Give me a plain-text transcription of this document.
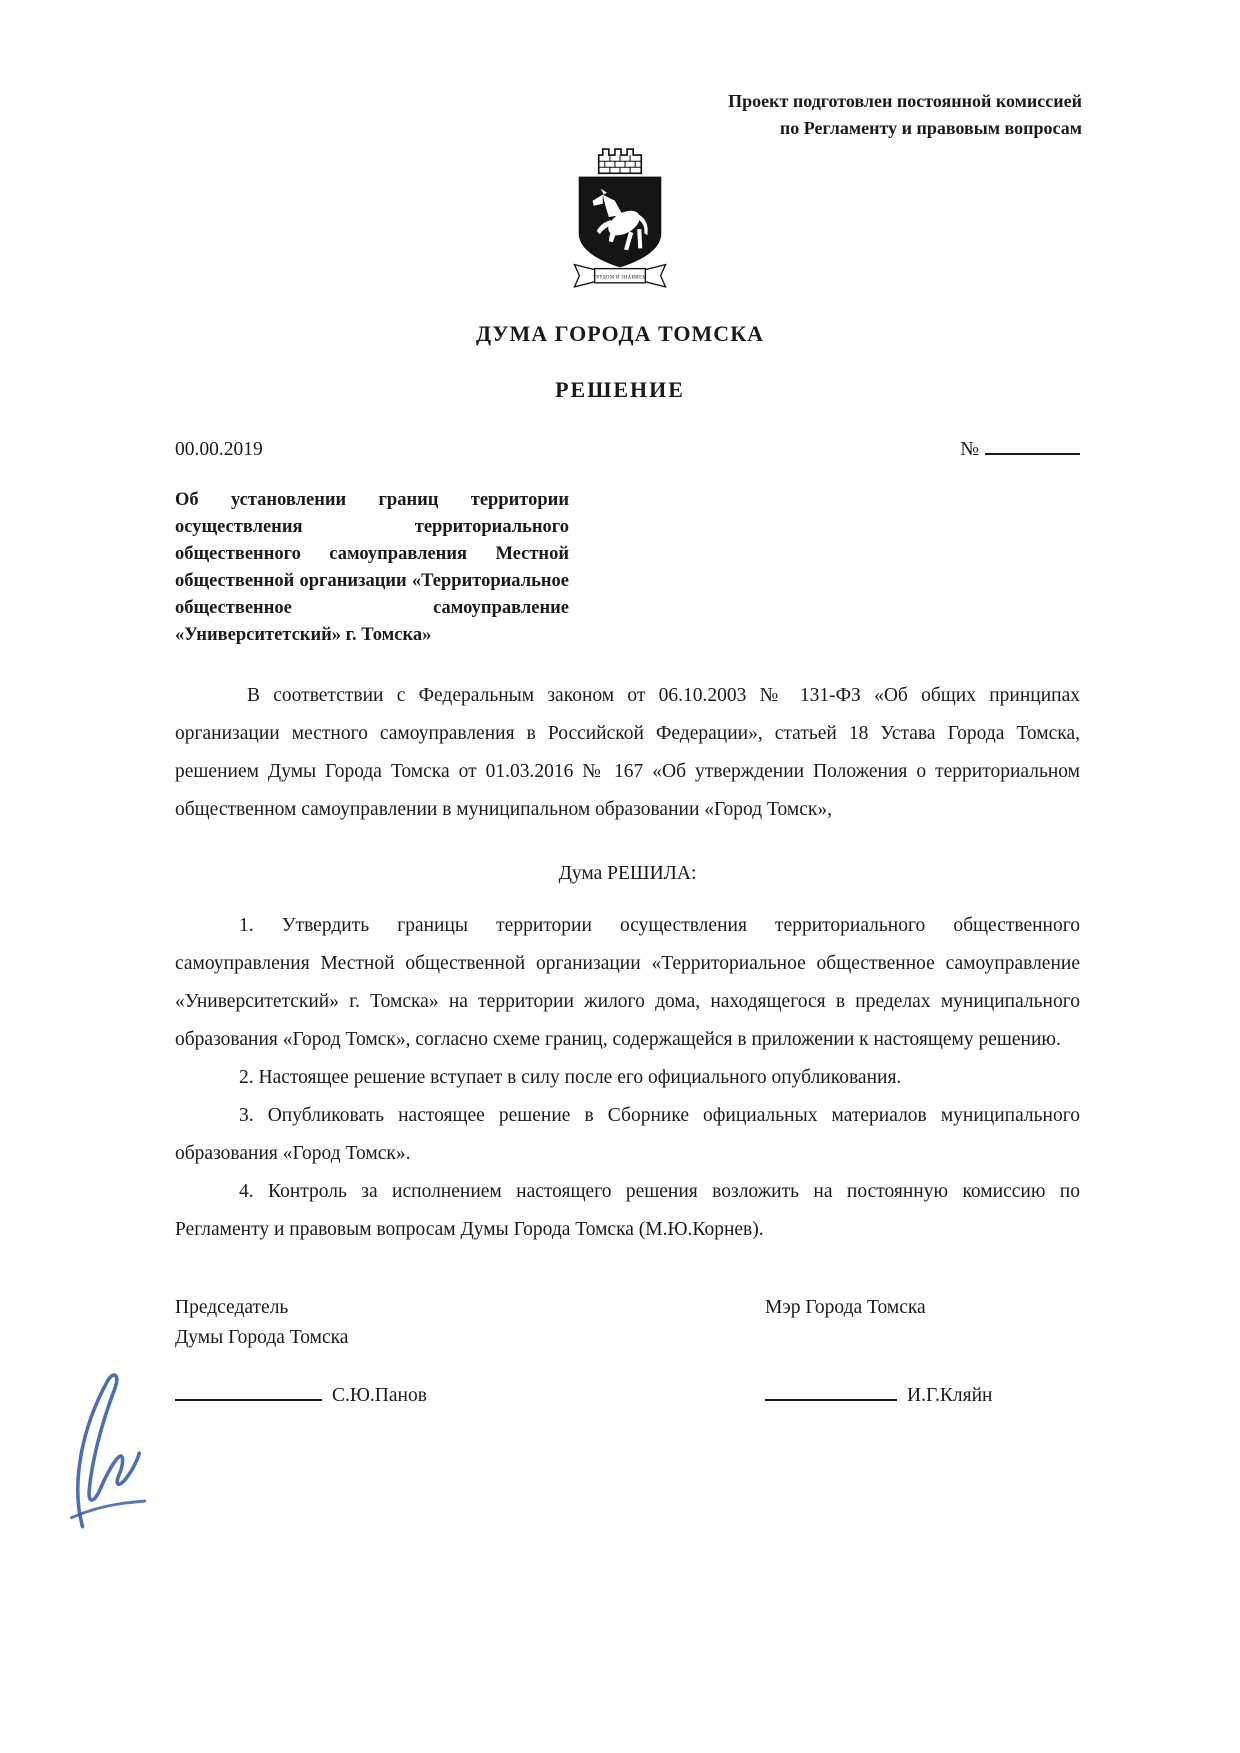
Проект подготовлен постоянной комиссией
по Регламенту и правовым вопросам
ТРУДОМ И ЗНАНИЕМ
ДУМА ГОРОДА ТОМСКА
РЕШЕНИЕ
00.00.2019	№
Об установлении границ территории осуществления территориального общественного самоуправления Местной общественной организации «Территориальное общественное самоуправление «Университетский» г. Томска»

В соответствии с Федеральным законом от 06.10.2003 № 131-ФЗ «Об общих принципах организации местного самоуправления в Российской Федерации», статьей 18 Устава Города Томска, решением Думы Города Томска от 01.03.2016 № 167 «Об утверждении Положения о территориальном общественном самоуправлении в муниципальном образовании «Город Томск»,

Дума РЕШИЛА:

1. Утвердить границы территории осуществления территориального общественного самоуправления Местной общественной организации «Территориальное общественное самоуправление «Университетский» г. Томска» на территории жилого дома, находящегося в пределах муниципального образования «Город Томск», согласно схеме границ, содержащейся в приложении к настоящему решению.

2. Настоящее решение вступает в силу после его официального опубликования.

3. Опубликовать настоящее решение в Сборнике официальных материалов муниципального образования «Город Томск».

4. Контроль за исполнением настоящего решения возложить на постоянную комиссию по Регламенту и правовым вопросам Думы Города Томска (М.Ю.Корнев).

Председатель
Думы Города Томска
Мэр Города Томска
С.Ю.Панов	И.Г.Кляйн
